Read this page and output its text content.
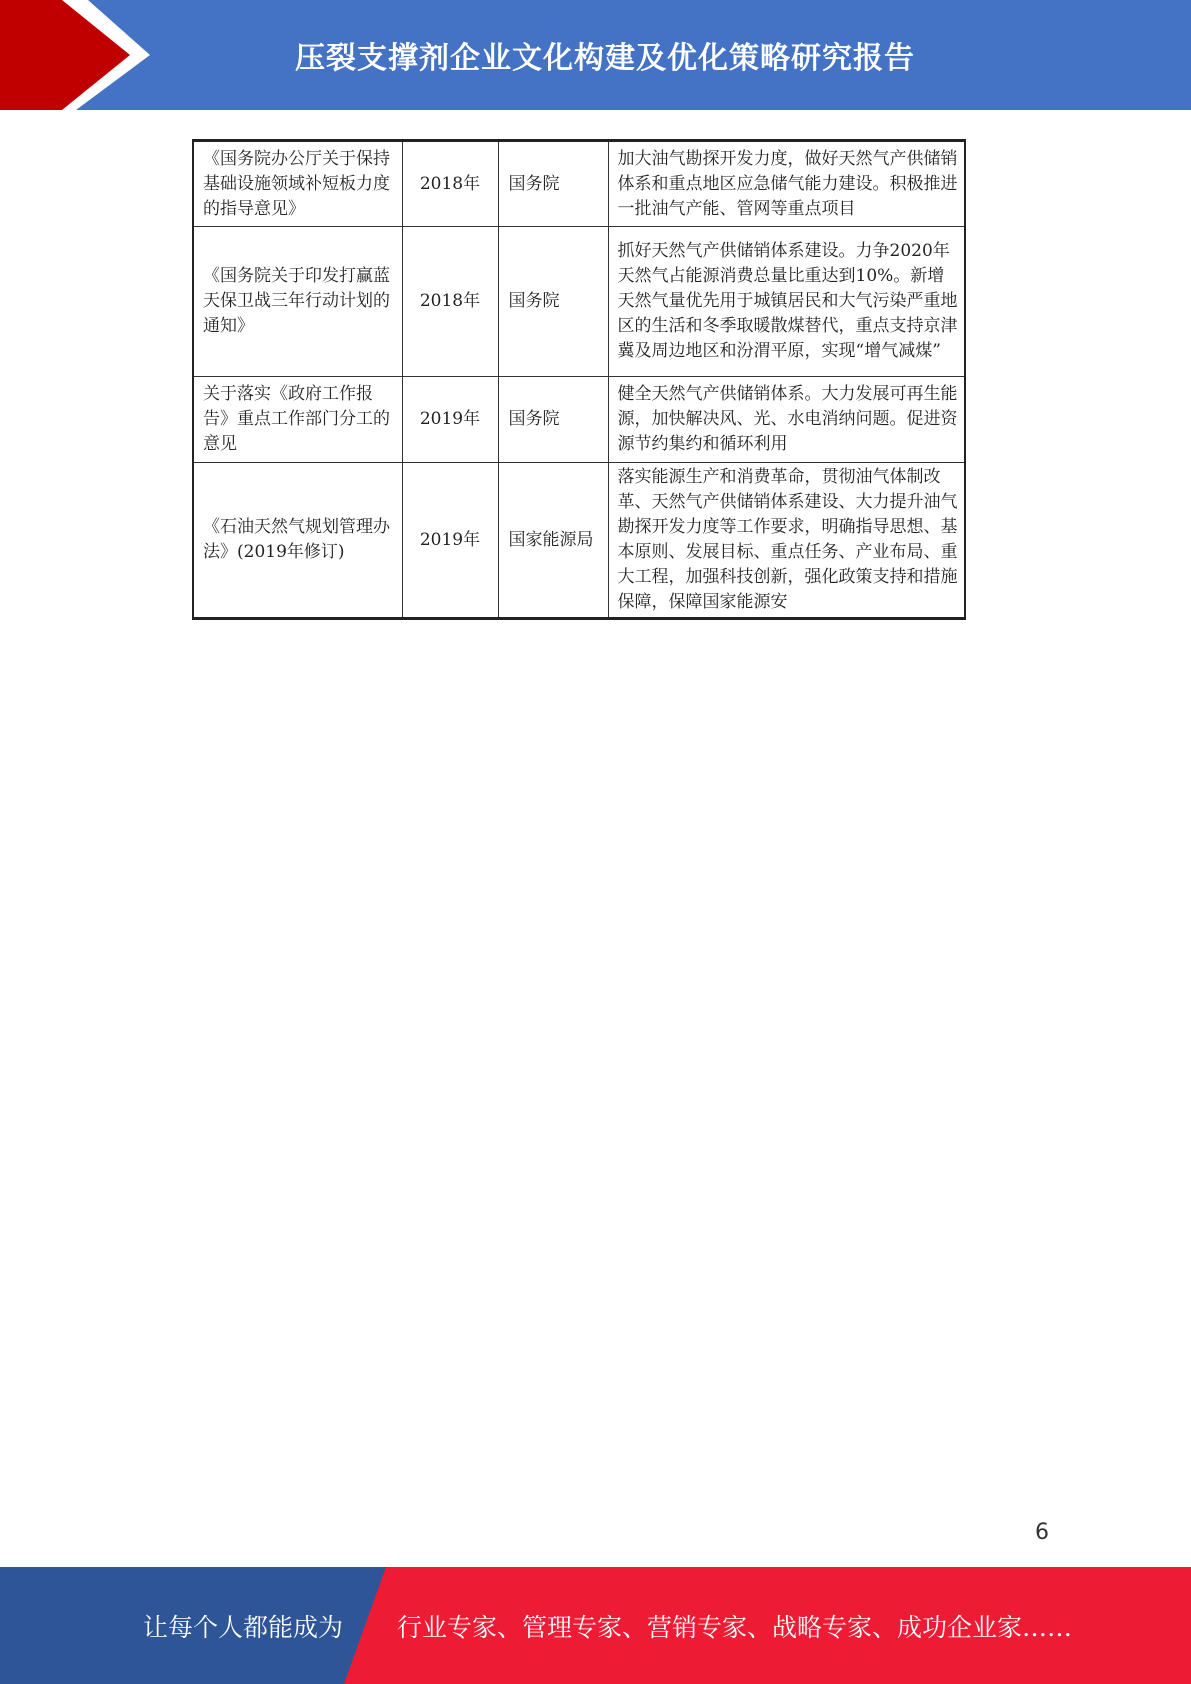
压裂支撑剂企业文化构建及优化策略研究报告
《国务院办公厅关于保持基础设施领域补短板力度的指导意见》	2018年	国务院	加大油气勘探开发力度，做好天然气产供储销体系和重点地区应急储气能力建设。积极推进一批油气产能、管网等重点项目
《国务院关于印发打赢蓝天保卫战三年行动计划的通知》	2018年	国务院	抓好天然气产供储销体系建设。力争2020年天然气占能源消费总量比重达到10%。新增天然气量优先用于城镇居民和大气污染严重地区的生活和冬季取暖散煤替代，重点支持京津冀及周边地区和汾渭平原，实现“增气减煤”
关于落实《政府工作报告》重点工作部门分工的意见	2019年	国务院	健全天然气产供储销体系。大力发展可再生能源，加快解决风、光、水电消纳问题。促进资源节约集约和循环利用
《石油天然气规划管理办法》(2019年修订)	2019年	国家能源局	落实能源生产和消费革命，贯彻油气体制改革、天然气产供储销体系建设、大力提升油气勘探开发力度等工作要求，明确指导思想、基本原则、发展目标、重点任务、产业布局、重大工程，加强科技创新，强化政策支持和措施保障，保障国家能源安
6
让每个人都能成为 行业专家、管理专家、营销专家、战略专家、成功企业家……
